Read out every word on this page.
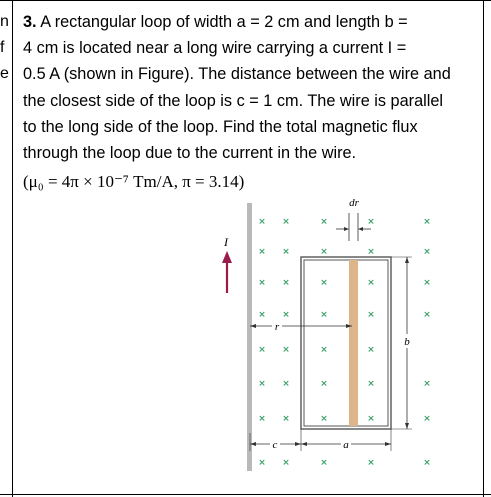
n
f
e
3. A rectangular loop of width a = 2 cm and length b =
4 cm is located near a long wire carrying a current I =
0.5 A (shown in Figure). The distance between the wire and
the closest side of the loop is c = 1 cm. The wire is parallel
to the long side of the loop. Find the total magnetic flux
through the loop due to the current in the wire.
(μ₀ = 4π × 10⁻⁷ Tm/A, π = 3.14)
× ×	×	×	×
× ×	×	×	×
× ×	×	×	×
× ×	×	×	×
× ×	×	×
× ×	×	×	×
× ×	×	×	×
× ×	×	×	×
I
dr
r
b
c	a
